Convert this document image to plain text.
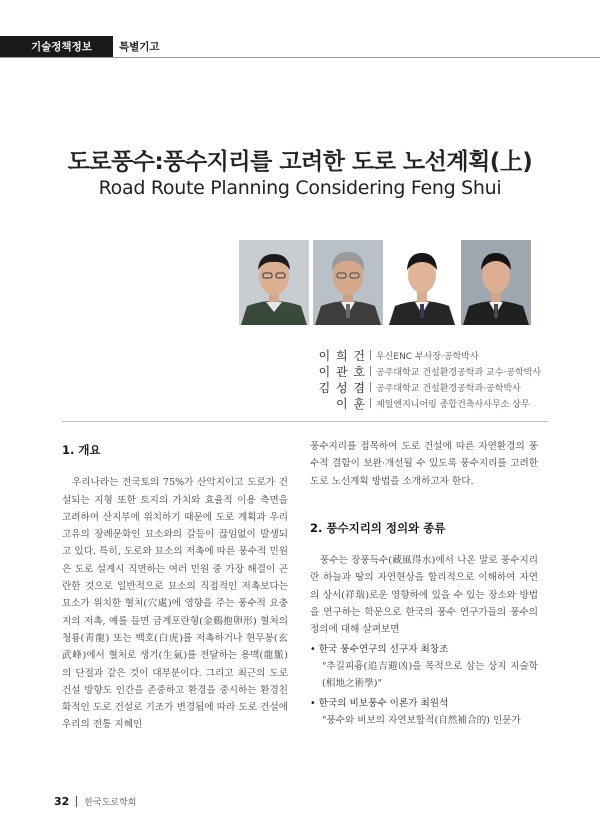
기술정책정보	특별기고
도로풍수:풍수지리를 고려한 도로 노선계획(上)
Road Route Planning Considering Feng Shui
이 희 건	우신ENC 부사장·공학박사
이 관 호	공주대학교 건설환경공학과 교수·공학박사
김 성 겸	공주대학교 건설환경공학과·공학박사
이 훈	제일엔지니어링 종합건축사사무소 상무
1. 개요

우리나라는 전국토의 75%가 산악지이고 도로가 건설되는 지형 또한 토지의 가치와 효율적 이용 측면을 고려하여 산지부에 위치하기 때문에 도로 계획과 우리 고유의 장례문화인 묘소와의 갈등이 끊임없이 발생되고 있다. 특히, 도로와 묘소의 저촉에 따른 풍수적 민원은 도로 설계시 직면하는 여러 민원 중 가장 해결이 곤란한 것으로 일반적으로 묘소의 직접적인 저촉보다는 묘소가 위치한 혈처(穴處)에 영향을 주는 풍수적 요충지의 저촉, 예를 들면 금계포란형(金鷄抱卵形) 혈처의 청룡(靑龍) 또는 백호(白虎)를 저촉하거나 현무봉(玄武峰)에서 혈처로 생기(生氣)를 전달하는 용맥(龍脈)의 단절과 같은 것이 대부분이다. 그리고 최근의 도로건설 방향도 인간을 존중하고 환경을 중시하는 환경친화적인 도로 건설로 기조가 변경됨에 따라 도로 건설에 우리의 전통 지혜인

풍수지리를 접목하여 도로 건설에 따른 자연환경의 풍수적 결함이 보완·개선될 수 있도록 풍수지리를 고려한 도로 노선계획 방법을 소개하고자 한다.

2. 풍수지리의 정의와 종류

풍수는 장풍득수(藏風得水)에서 나온 말로 풍수지리란 하늘과 땅의 자연현상을 합리적으로 이해하여 자연의 상서(祥瑞)로운 영향하에 있을 수 있는 장소와 방법을 연구하는 학문으로 한국의 풍수 연구가들의 풍수의 정의에 대해 살펴보면

• 한국 풍수연구의 선구자 최창조
"추길피흉(追吉避凶)을 목적으로 삼는 상지 지술학(相地之術學)"
• 한국의 비보풍수 이론가 최원석
"풍수와 비보의 자연보합적(自然補合的) 인문가
32 한국도로학회
